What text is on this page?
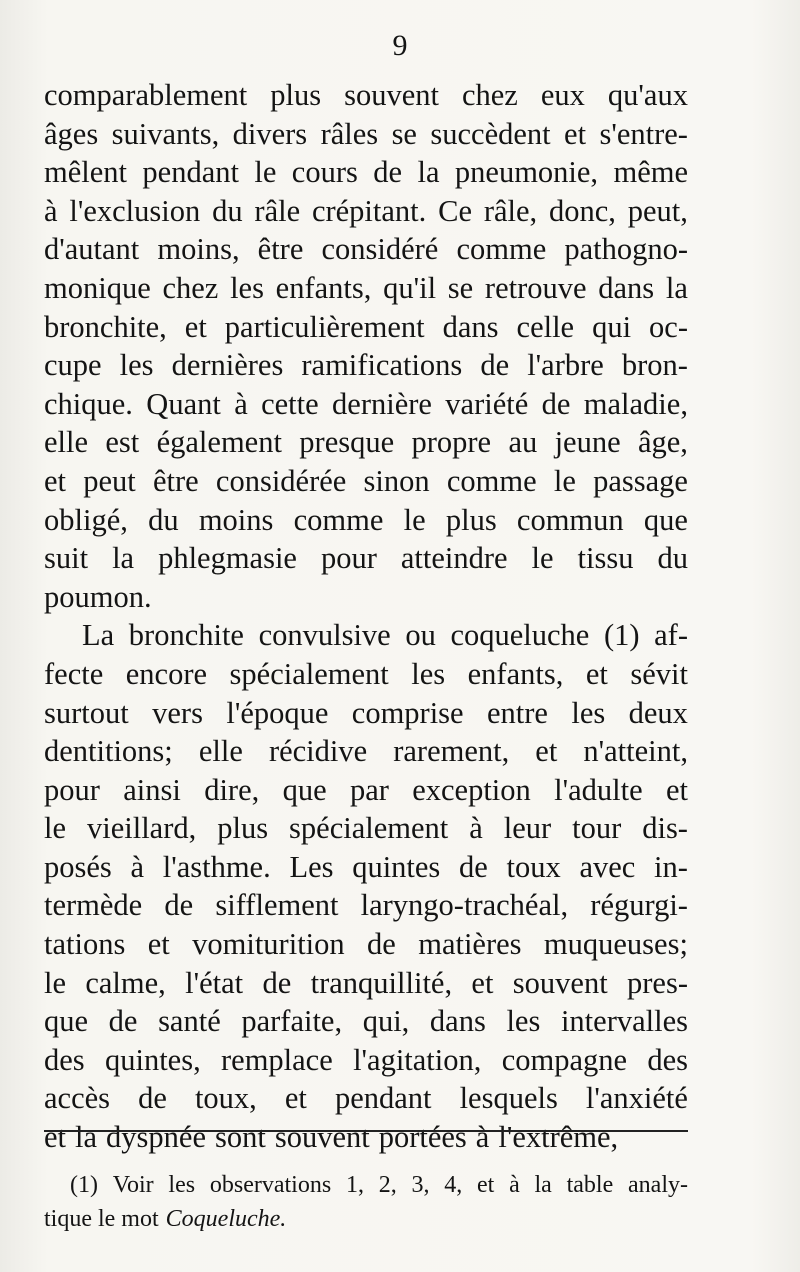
9
comparablement plus souvent chez eux qu'aux
âges suivants, divers râles se succèdent et s'entre-
mêlent pendant le cours de la pneumonie, même
à l'exclusion du râle crépitant. Ce râle, donc, peut,
d'autant moins, être considéré comme pathogno-
monique chez les enfants, qu'il se retrouve dans la
bronchite, et particulièrement dans celle qui oc-
cupe les dernières ramifications de l'arbre bron-
chique. Quant à cette dernière variété de maladie,
elle est également presque propre au jeune âge,
et peut être considérée sinon comme le passage
obligé, du moins comme le plus commun que
suit la phlegmasie pour atteindre le tissu du
poumon.
La bronchite convulsive ou coqueluche (1) af-
fecte encore spécialement les enfants, et sévit
surtout vers l'époque comprise entre les deux
dentitions; elle récidive rarement, et n'atteint,
pour ainsi dire, que par exception l'adulte et
le vieillard, plus spécialement à leur tour dis-
posés à l'asthme. Les quintes de toux avec in-
termède de sifflement laryngo-trachéal, régurgi-
tations et vomiturition de matières muqueuses;
le calme, l'état de tranquillité, et souvent pres-
que de santé parfaite, qui, dans les intervalles
des quintes, remplace l'agitation, compagne des
accès de toux, et pendant lesquels l'anxiété
et la dyspnée sont souvent portées à l'extrême,
(1) Voir les observations 1, 2, 3, 4, et à la table analy-
tique le mot Coqueluche.
